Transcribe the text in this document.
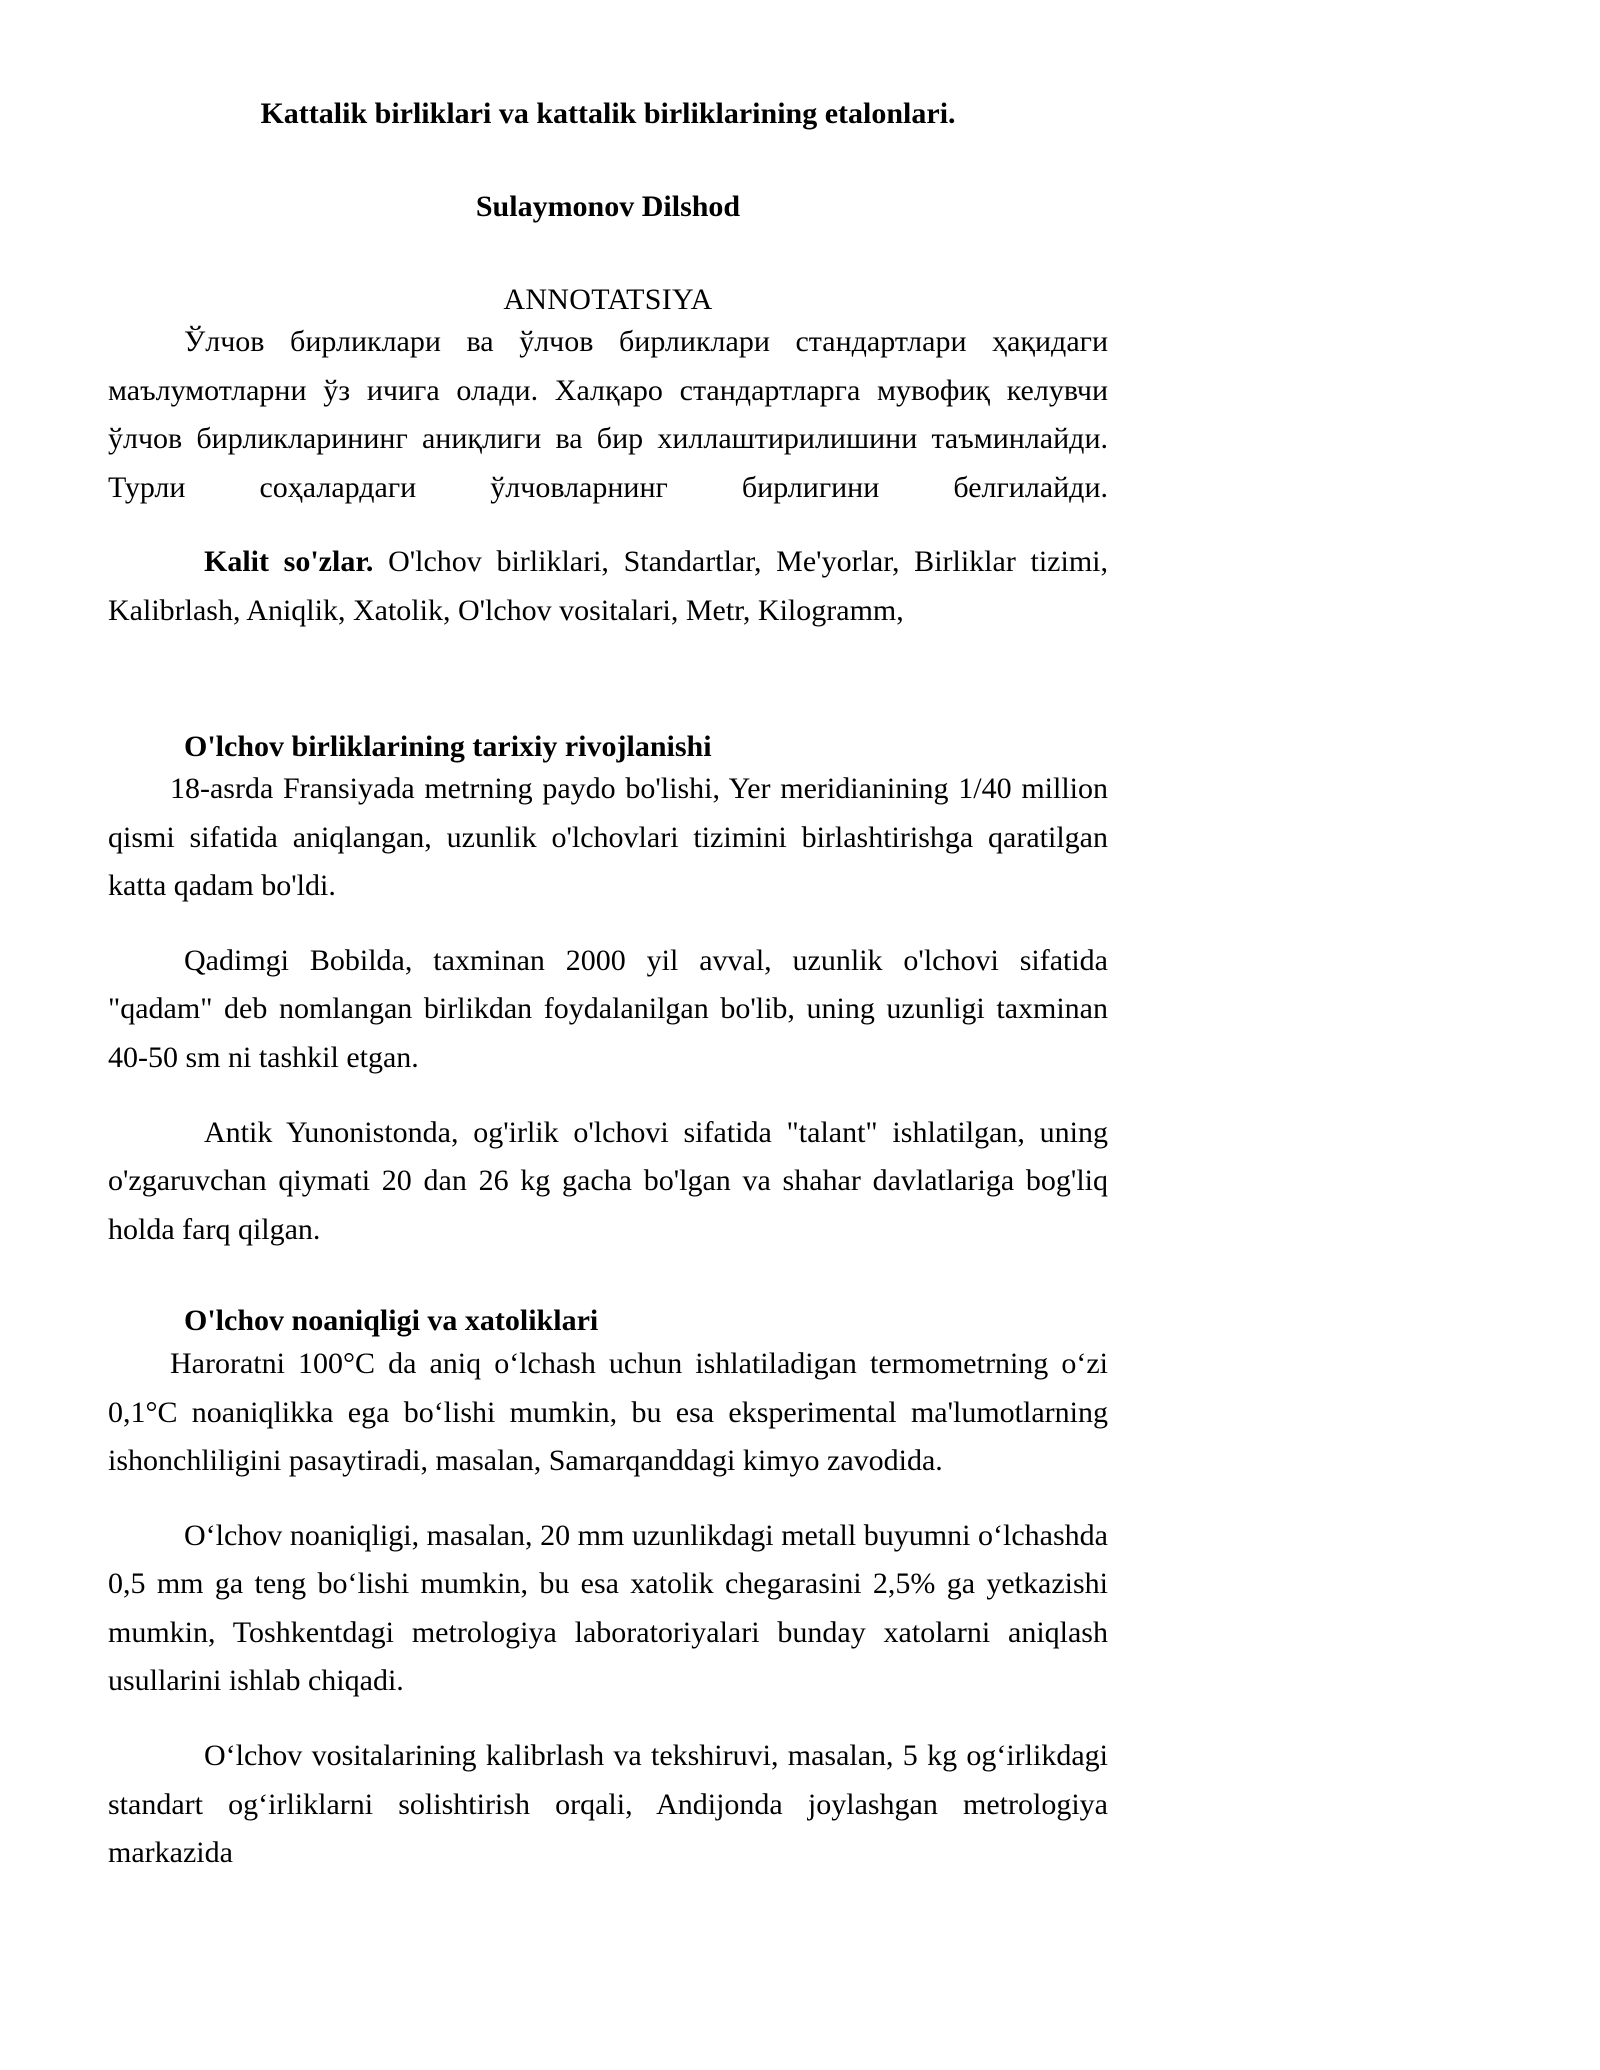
Kattalik birliklari va kattalik birliklarining etalonlari.
Sulaymonov Dilshod
ANNOTATSIYA

Ўлчов бирликлари ва ўлчов бирликлари стандартлари ҳақидаги маълумотларни ўз ичига олади. Халқаро стандартларга мувофиқ келувчи ўлчов бирликларининг аниқлиги ва бир хиллаштирилишини таъминлайди. Турли соҳалардаги ўлчовларнинг бирлигини белгилайди.

Kalit so'zlar. O'lchov birliklari, Standartlar, Me'yorlar, Birliklar tizimi, Kalibrlash, Aniqlik, Xatolik, O'lchov vositalari, Metr, Kilogramm,

O'lchov birliklarining tarixiy rivojlanishi

18-asrda Fransiyada metrning paydo bo'lishi, Yer meridianining 1/40 million qismi sifatida aniqlangan, uzunlik o'lchovlari tizimini birlashtirishga qaratilgan katta qadam bo'ldi.

Qadimgi Bobilda, taxminan 2000 yil avval, uzunlik o'lchovi sifatida "qadam" deb nomlangan birlikdan foydalanilgan bo'lib, uning uzunligi taxminan 40-50 sm ni tashkil etgan.

Antik Yunonistonda, og'irlik o'lchovi sifatida "talant" ishlatilgan, uning o'zgaruvchan qiymati 20 dan 26 kg gacha bo'lgan va shahar davlatlariga bog'liq holda farq qilgan.

O'lchov noaniqligi va xatoliklari

Haroratni 100°C da aniq o‘lchash uchun ishlatiladigan termometrning o‘zi 0,1°C noaniqlikka ega bo‘lishi mumkin, bu esa eksperimental ma'lumotlarning ishonchliligini pasaytiradi, masalan, Samarqanddagi kimyo zavodida.

O‘lchov noaniqligi, masalan, 20 mm uzunlikdagi metall buyumni o‘lchashda 0,5 mm ga teng bo‘lishi mumkin, bu esa xatolik chegarasini 2,5% ga yetkazishi mumkin, Toshkentdagi metrologiya laboratoriyalari bunday xatolarni aniqlash usullarini ishlab chiqadi.

O‘lchov vositalarining kalibrlash va tekshiruvi, masalan, 5 kg og‘irlikdagi standart og‘irliklarni solishtirish orqali, Andijonda joylashgan metrologiya markazida
